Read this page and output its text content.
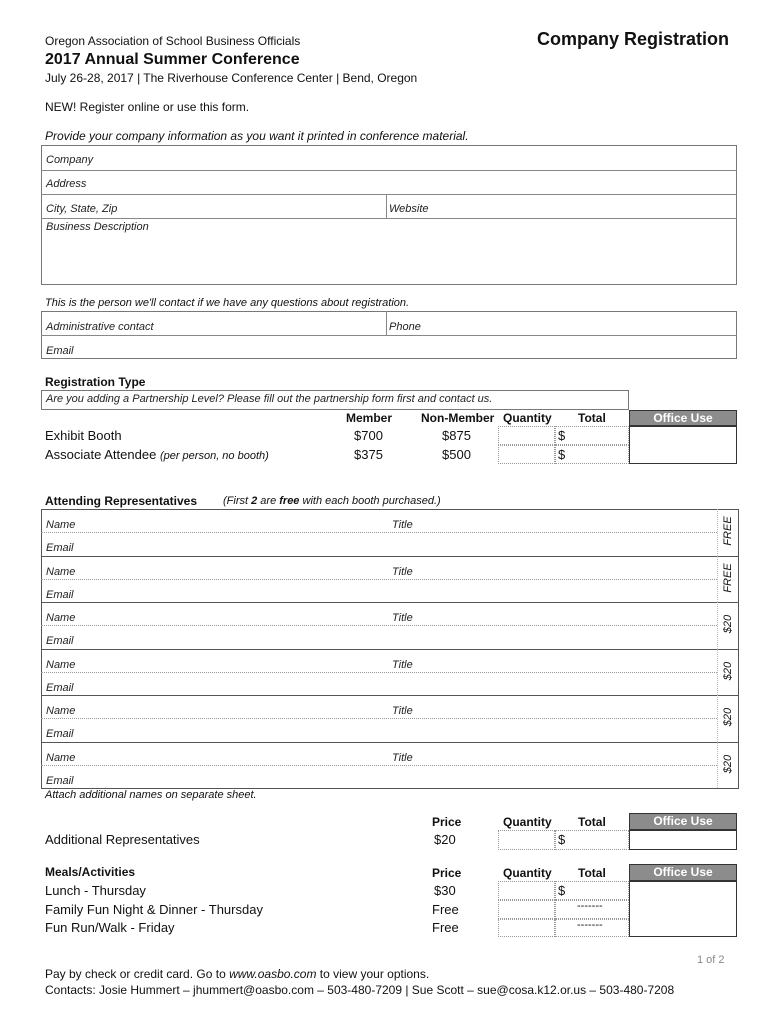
Oregon Association of School Business Officials	Company Registration
2017 Annual Summer Conference
July 26-28, 2017 | The Riverhouse Conference Center | Bend, Oregon
NEW! Register online or use this form.
Provide your company information as you want it printed in conference material.
Company
Address
City, State, Zip	Website
Business Description
This is the person we'll contact if we have any questions about registration.
Administrative contact	Phone
Email
Registration Type
Are you adding a Partnership Level? Please fill out the partnership form first and contact us.
Member Non-Member Quantity Total	Office Use
Exhibit Booth	$700	$875	$
Associate Attendee (per person, no booth)	$375	$500	$
Attending Representatives (First 2 are free with each booth purchased.)
Name	Title
Email
FREE
Name	Title
Email
FREE
Name	Title
Email
$20
Name	Title
Email
$20
Name	Title
Email
$20
Name	Title
Email
$20
Attach additional names on separate sheet.
Price	Quantity Total	Office Use
Additional Representatives	$20	$
Meals/Activities	Price	Quantity Total	Office Use
Lunch - Thursday	$30	$
Family Fun Night & Dinner - Thursday	Free	-------
Fun Run/Walk - Friday	Free	-------
1 of 2
Pay by check or credit card. Go to www.oasbo.com to view your options.
Contacts: Josie Hummert – jhummert@oasbo.com – 503-480-7209 | Sue Scott – sue@cosa.k12.or.us – 503-480-7208
